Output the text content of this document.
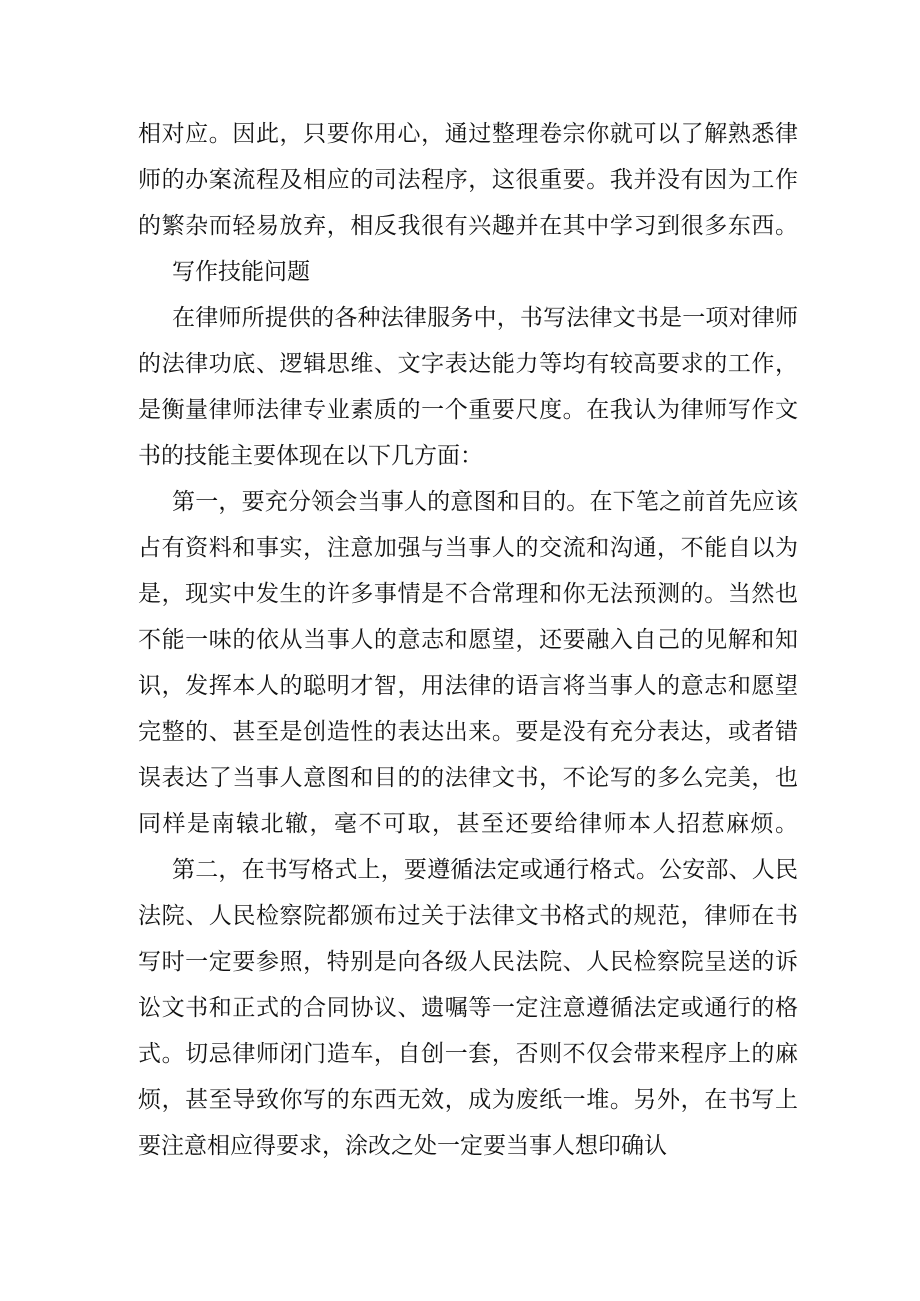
相对应。因此，只要你用心，通过整理卷宗你就可以了解熟悉律
师的办案流程及相应的司法程序，这很重要。我并没有因为工作
的繁杂而轻易放弃，相反我很有兴趣并在其中学习到很多东西。
写作技能问题
在律师所提供的各种法律服务中，书写法律文书是一项对律师
的法律功底、逻辑思维、文字表达能力等均有较高要求的工作，
是衡量律师法律专业素质的一个重要尺度。在我认为律师写作文
书的技能主要体现在以下几方面：
第一，要充分领会当事人的意图和目的。在下笔之前首先应该
占有资料和事实，注意加强与当事人的交流和沟通，不能自以为
是，现实中发生的许多事情是不合常理和你无法预测的。当然也
不能一味的依从当事人的意志和愿望，还要融入自己的见解和知
识，发挥本人的聪明才智，用法律的语言将当事人的意志和愿望
完整的、甚至是创造性的表达出来。要是没有充分表达，或者错
误表达了当事人意图和目的的法律文书，不论写的多么完美，也
同样是南辕北辙，毫不可取，甚至还要给律师本人招惹麻烦。
第二，在书写格式上，要遵循法定或通行格式。公安部、人民
法院、人民检察院都颁布过关于法律文书格式的规范，律师在书
写时一定要参照，特别是向各级人民法院、人民检察院呈送的诉
讼文书和正式的合同协议、遗嘱等一定注意遵循法定或通行的格
式。切忌律师闭门造车，自创一套，否则不仅会带来程序上的麻
烦，甚至导致你写的东西无效，成为废纸一堆。另外，在书写上
要注意相应得要求，涂改之处一定要当事人想印确认
